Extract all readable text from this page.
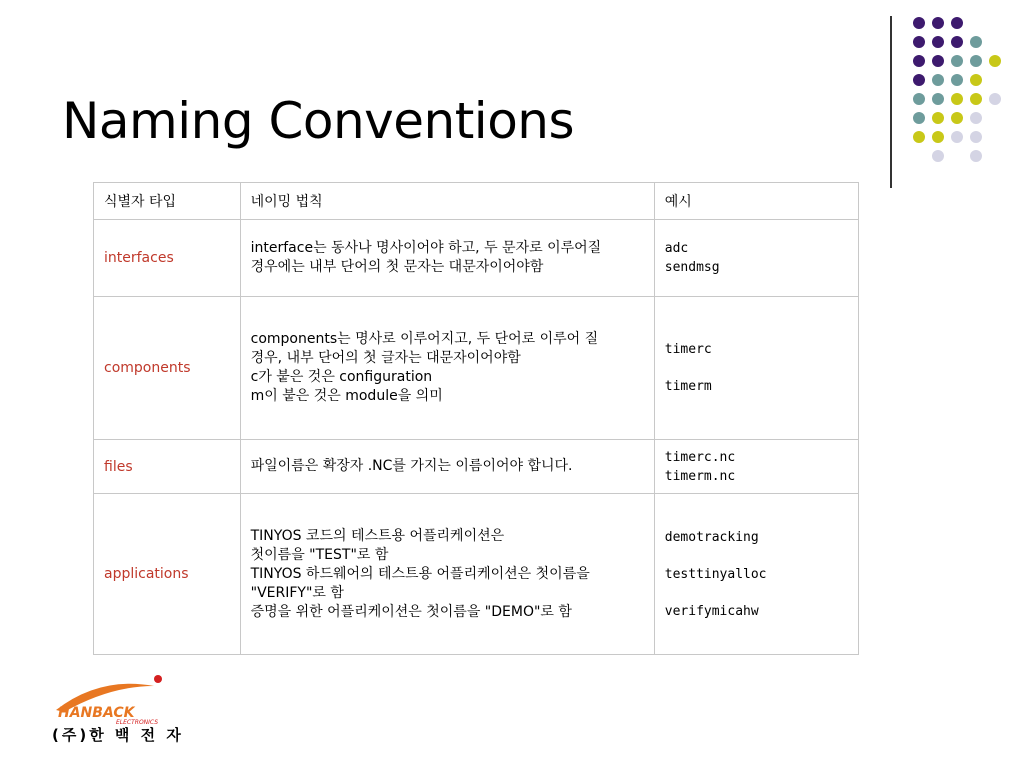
Naming Conventions
식별자 타입	네이밍 법칙	예시
interfaces	interface는 동사나 명사이어야 하고, 두 문자로 이루어질
경우에는 내부 단어의 첫 문자는 대문자이어야함	adc
sendmsg

components	components는 명사로 이루어지고, 두 단어로 이루어 질
경우, 내부 단어의 첫 글자는 대문자이어야함
c가 붙은 것은 configuration
m이 붙은 것은 module을 의미	timerc
timerm

files	파일이름은 확장자 .NC를 가지는 이름이어야 합니다.	timerc.nc
timerm.nc

applications	TINYOS 코드의 테스트용 어플리케이션은
첫이름을 "TEST"로 함
TINYOS 하드웨어의 테스트용 어플리케이션은 첫이름을
"VERIFY"로 함
증명을 위한 어플리케이션은 첫이름을 "DEMO"로 함	demotracking
testtinyalloc
verifymicahw
HANBACK
ELECTRONICS
(주)한 백 전 자
